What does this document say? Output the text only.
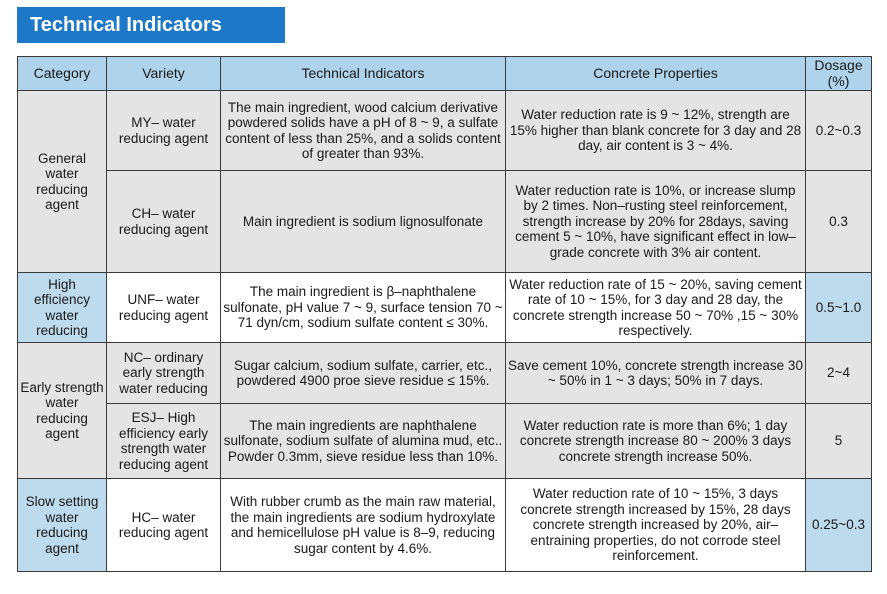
Technical Indicators
Category	Variety	Technical Indicators	Concrete Properties	Dosage (%)
General water reducing agent	MY– water reducing agent	The main ingredient, wood calcium derivative powdered solids have a pH of 8 ~ 9, a sulfate content of less than 25%, and a solids content of greater than 93%.	Water reduction rate is 9 ~ 12%, strength are 15% higher than blank concrete for 3 day and 28 day, air content is 3 ~ 4%.	0.2~0.3
	CH– water reducing agent	Main ingredient is sodium lignosulfonate	Water reduction rate is 10%, or increase slump by 2 times. Non–rusting steel reinforcement, strength increase by 20% for 28days, saving cement 5 ~ 10%, have significant effect in low–grade concrete with 3% air content.	0.3
High efficiency water reducing	UNF– water reducing agent	The main ingredient is β–naphthalene sulfonate, pH value 7 ~ 9, surface tension 70 ~ 71 dyn/cm, sodium sulfate content ≤ 30%.	Water reduction rate of 15 ~ 20%, saving cement rate of 10 ~ 15%, for 3 day and 28 day, the concrete strength increase 50 ~ 70% ,15 ~ 30% respectively.	0.5~1.0
Early strength water reducing agent	NC– ordinary early strength water reducing	Sugar calcium, sodium sulfate, carrier, etc., powdered 4900 proe sieve residue ≤ 15%.	Save cement 10%, concrete strength increase 30 ~ 50% in 1 ~ 3 days; 50% in 7 days.	2~4
	ESJ– High efficiency early strength water reducing agent	The main ingredients are naphthalene sulfonate, sodium sulfate of alumina mud, etc.. Powder 0.3mm, sieve residue less than 10%.	Water reduction rate is more than 6%; 1 day concrete strength increase 80 ~ 200% 3 days concrete strength increase 50%.	5
Slow setting water reducing agent	HC– water reducing agent	With rubber crumb as the main raw material, the main ingredients are sodium hydroxylate and hemicellulose pH value is 8–9, reducing sugar content by 4.6%.	Water reduction rate of 10 ~ 15%, 3 days concrete strength increased by 15%, 28 days concrete strength increased by 20%, air–entraining properties, do not corrode steel reinforcement.	0.25~0.3
